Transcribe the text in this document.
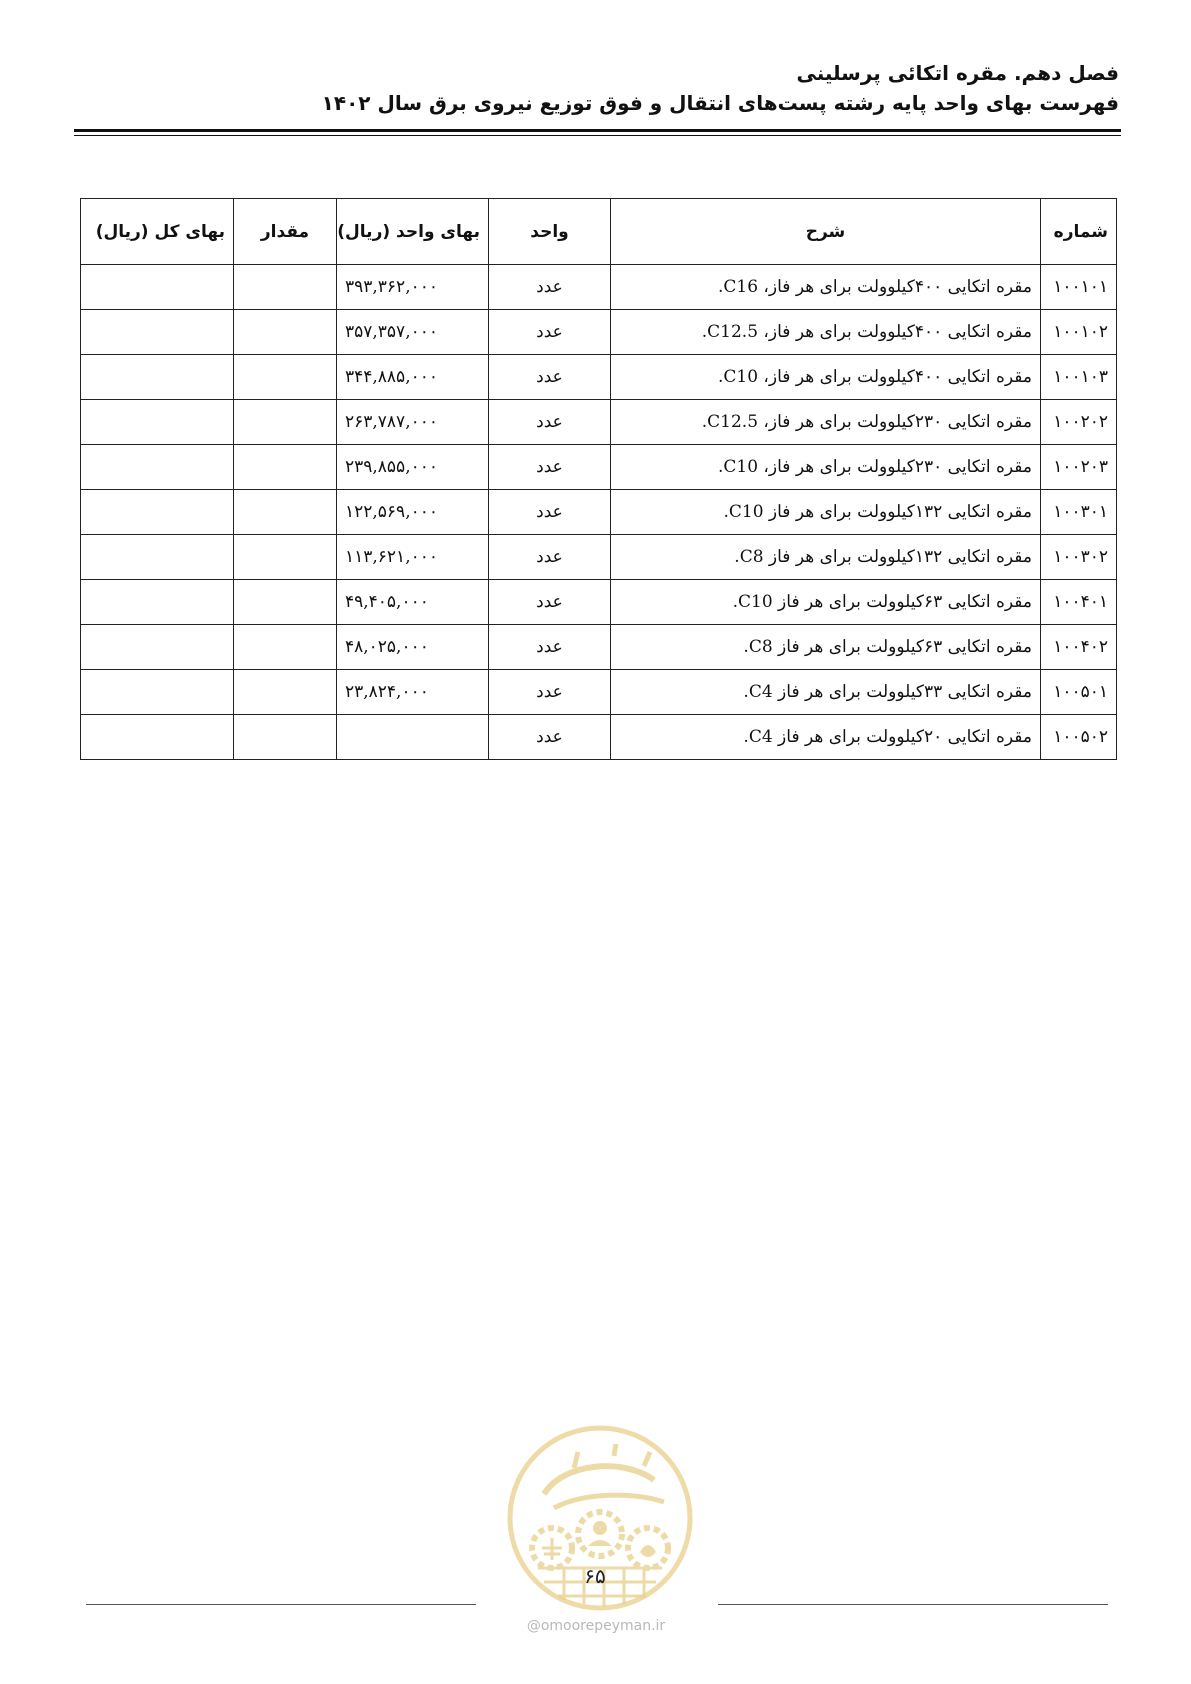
فصل دهم. مقره اتکائی پرسلینی
فهرست بهای واحد پایه رشته پست‌های انتقال و فوق توزیع نیروی برق سال ۱۴۰۲
شماره	شرح	واحد	بهای واحد (ریال)	مقدار	بهای کل (ریال)
۱۰۰۱۰۱	مقره اتکایی ۴۰۰کیلوولت برای هر فاز، C16.	عدد	۳۹۳,۳۶۲,۰۰۰		
۱۰۰۱۰۲	مقره اتکایی ۴۰۰کیلوولت برای هر فاز، C12.5.	عدد	۳۵۷,۳۵۷,۰۰۰		
۱۰۰۱۰۳	مقره اتکایی ۴۰۰کیلوولت برای هر فاز، C10.	عدد	۳۴۴,۸۸۵,۰۰۰		
۱۰۰۲۰۲	مقره اتکایی ۲۳۰کیلوولت برای هر فاز، C12.5.	عدد	۲۶۳,۷۸۷,۰۰۰		
۱۰۰۲۰۳	مقره اتکایی ۲۳۰کیلوولت برای هر فاز، C10.	عدد	۲۳۹,۸۵۵,۰۰۰		
۱۰۰۳۰۱	مقره اتکایی ۱۳۲کیلوولت برای هر فاز C10.	عدد	۱۲۲,۵۶۹,۰۰۰		
۱۰۰۳۰۲	مقره اتکایی ۱۳۲کیلوولت برای هر فاز C8.	عدد	۱۱۳,۶۲۱,۰۰۰		
۱۰۰۴۰۱	مقره اتکایی ۶۳کیلوولت برای هر فاز C10.	عدد	۴۹,۴۰۵,۰۰۰		
۱۰۰۴۰۲	مقره اتکایی ۶۳کیلوولت برای هر فاز C8.	عدد	۴۸,۰۲۵,۰۰۰		
۱۰۰۵۰۱	مقره اتکایی ۳۳کیلوولت برای هر فاز C4.	عدد	۲۳,۸۲۴,۰۰۰		
۱۰۰۵۰۲	مقره اتکایی ۲۰کیلوولت برای هر فاز C4.	عدد			
۶۵
@omoorepeyman.ir
